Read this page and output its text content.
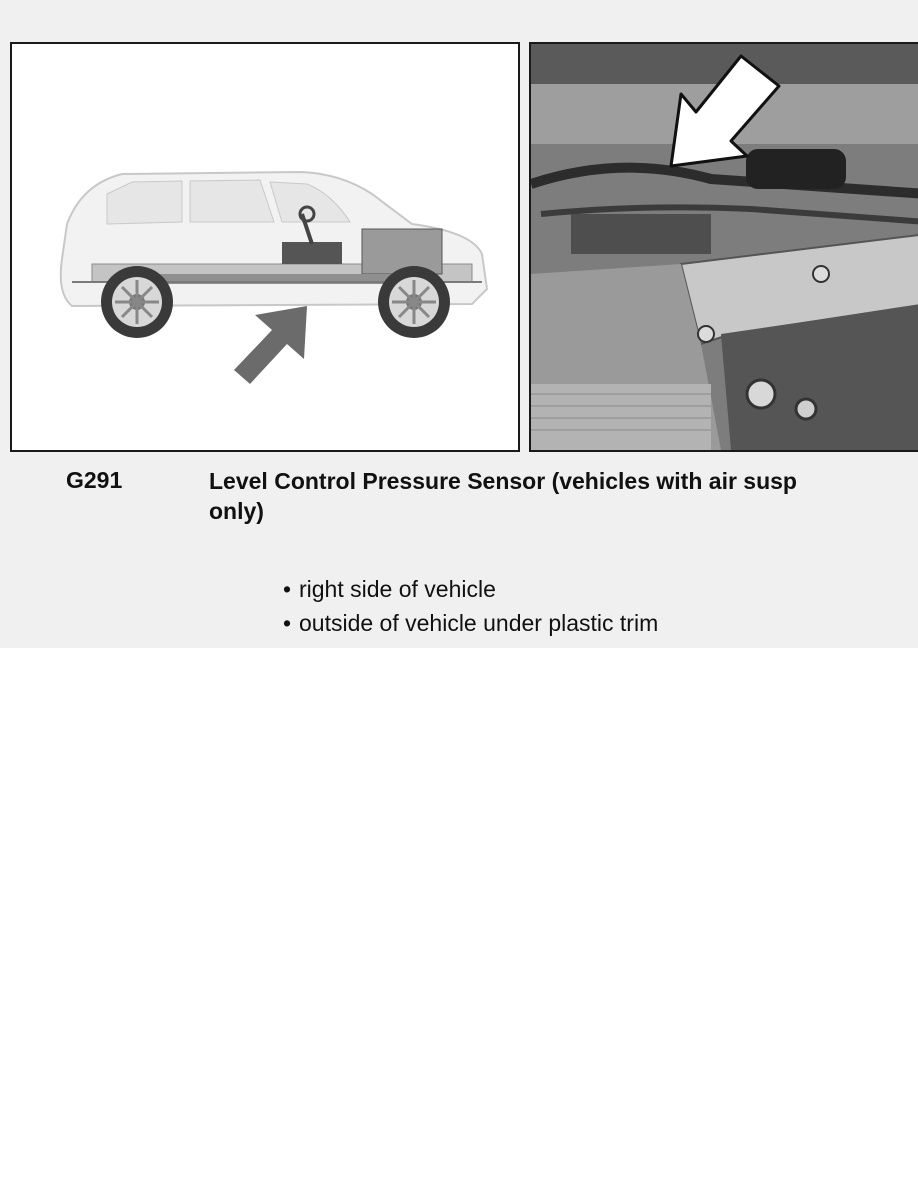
G291	Level Control Pressure Sensor (vehicles with air susp
only)
• right side of vehicle
• outside of vehicle under plastic trim
